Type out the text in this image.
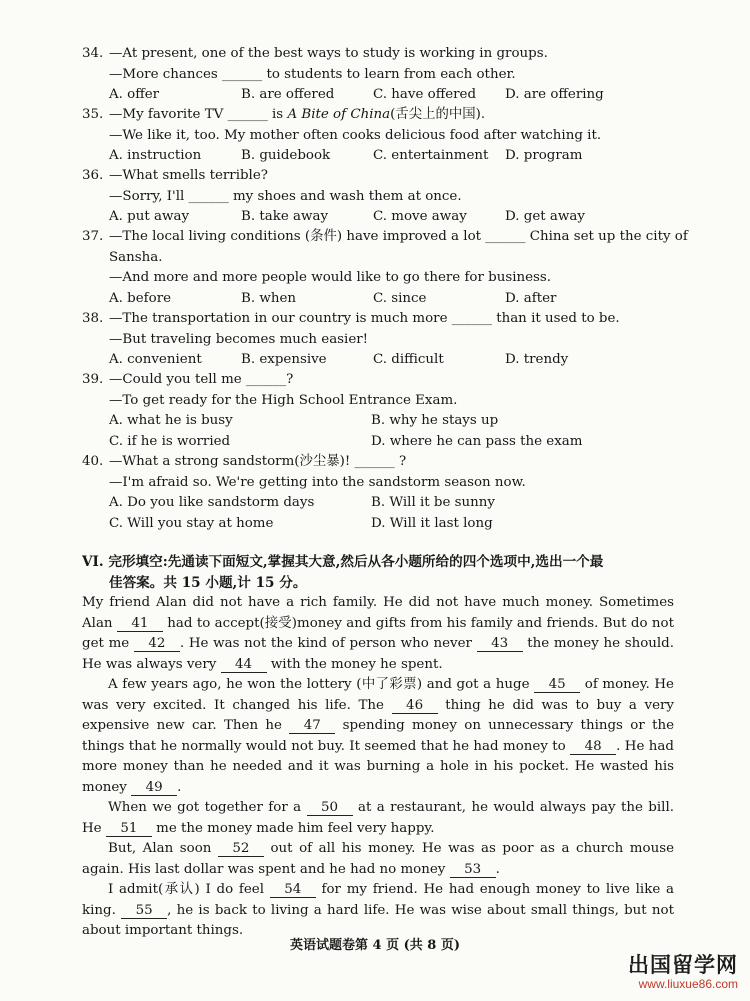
34. —At present, one of the best ways to study is working in groups.
—More chances ______ to students to learn from each other.
A. offer	B. are offered	C. have offered	D. are offering
35. —My favorite TV ______ is A Bite of China(舌尖上的中国).
—We like it, too. My mother often cooks delicious food after watching it.
A. instruction	B. guidebook	C. entertainment	D. program
36. —What smells terrible?
—Sorry, I'll ______ my shoes and wash them at once.
A. put away	B. take away	C. move away	D. get away
37. —The local living conditions (条件) have improved a lot ______ China set up the city of
Sansha.
—And more and more people would like to go there for business.
A. before	B. when	C. since	D. after
38. —The transportation in our country is much more ______ than it used to be.
—But traveling becomes much easier!
A. convenient	B. expensive	C. difficult	D. trendy
39. —Could you tell me ______?
—To get ready for the High School Entrance Exam.
A. what he is busy	B. why he stays up
C. if he is worried	D. where he can pass the exam
40. —What a strong sandstorm(沙尘暴)! ______ ?
—I'm afraid so. We're getting into the sandstorm season now.
A. Do you like sandstorm days	B. Will it be sunny
C. Will you stay at home	D. Will it last long
VI. 完形填空:先通读下面短文,掌握其大意,然后从各小题所给的四个选项中,选出一个最
佳答案。共 15 小题,计 15 分。

My friend Alan did not have a rich family. He did not have much money. Sometimes Alan 41 had to accept(接受)money and gifts from his family and friends. But do not get me 42 . He was not the kind of person who never 43 the money he should. He was always very 44 with the money he spent.

A few years ago, he won the lottery (中了彩票) and got a huge 45 of money. He was very excited. It changed his life. The 46 thing he did was to buy a very expensive new car. Then he 47 spending money on unnecessary things or the things that he normally would not buy. It seemed that he had money to 48 . He had more money than he needed and it was burning a hole in his pocket. He wasted his money 49 .

When we got together for a 50 at a restaurant, he would always pay the bill. He 51 me the money made him feel very happy.

But, Alan soon 52 out of all his money. He was as poor as a church mouse again. His last dollar was spent and he had no money 53 .

I admit(承认) I do feel 54 for my friend. He had enough money to live like a king. 55 , he is back to living a hard life. He was wise about small things, but not about important things.

英语试题卷第 4 页 (共 8 页)
出国留学网
www.liuxue86.com
